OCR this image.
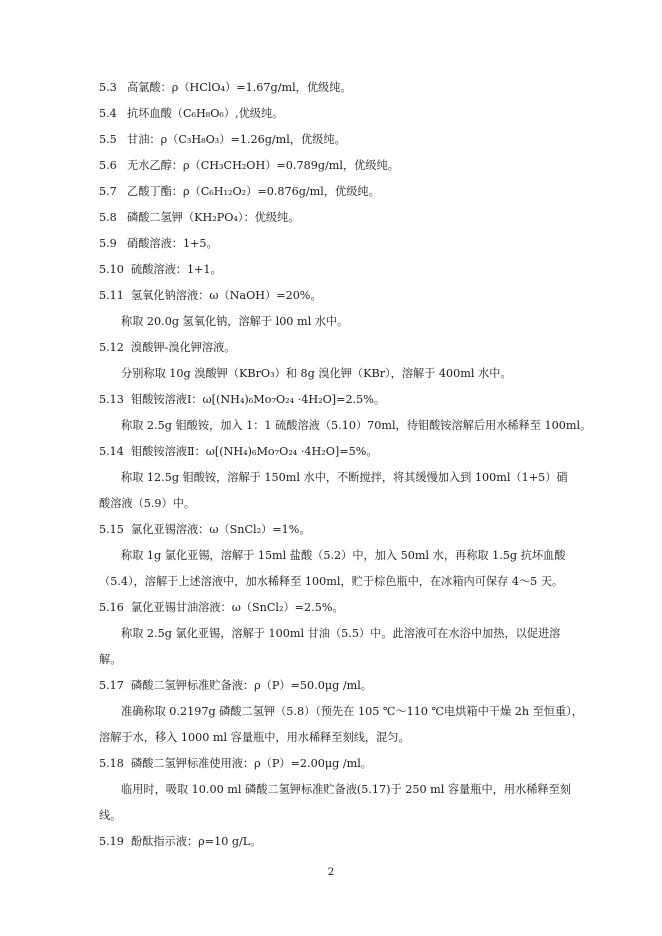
5.3 高氯酸：ρ（HClO₄）=1.67g/ml，优级纯。
5.4 抗坏血酸（C₆H₈O₆）,优级纯。
5.5 甘油：ρ（C₃H₈O₃）=1.26g/ml，优级纯。
5.6 无水乙醇：ρ（CH₃CH₂OH）=0.789g/ml，优级纯。
5.7 乙酸丁酯：ρ（C₆H₁₂O₂）=0.876g/ml，优级纯。
5.8 磷酸二氢钾（KH₂PO₄）：优级纯。
5.9 硝酸溶液：1+5。
5.10 硫酸溶液：1+1。
5.11 氢氧化钠溶液：ω（NaOH）=20%。
称取 20.0g 氢氧化钠，溶解于 l00 ml 水中。
5.12 溴酸钾-溴化钾溶液。
分别称取 10g 溴酸钾（KBrO₃）和 8g 溴化钾（KBr），溶解于 400ml 水中。
5.13 钼酸铵溶液Ⅰ：ω[(NH₄)₆Mo₇O₂₄ ·4H₂O]=2.5%。
称取 2.5g 钼酸铵，加入 1：1 硫酸溶液（5.10）70ml，待钼酸铵溶解后用水稀释至 100ml。
5.14 钼酸铵溶液Ⅱ：ω[(NH₄)₆Mo₇O₂₄ ·4H₂O]=5%。
称取 12.5g 钼酸铵，溶解于 150ml 水中，不断搅拌，将其缓慢加入到 100ml（1+5）硝
酸溶液（5.9）中。
5.15 氯化亚锡溶液：ω（SnCl₂）=1%。
称取 1g 氯化亚锡，溶解于 15ml 盐酸（5.2）中，加入 50ml 水，再称取 1.5g 抗坏血酸
（5.4），溶解于上述溶液中，加水稀释至 100ml，贮于棕色瓶中，在冰箱内可保存 4～5 天。
5.16 氯化亚锡甘油溶液：ω（SnCl₂）=2.5%。
称取 2.5g 氯化亚锡，溶解于 100ml 甘油（5.5）中。此溶液可在水浴中加热，以促进溶
解。
5.17 磷酸二氢钾标准贮备液：ρ（P）=50.0μg /ml。
准确称取 0.2197g 磷酸二氢钾（5.8）（预先在 105 ℃～110 ℃电烘箱中干燥 2h 至恒重），
溶解于水，移入 1000 ml 容量瓶中，用水稀释至刻线，混匀。
5.18 磷酸二氢钾标准使用液：ρ（P）=2.00μg /ml。
临用时，吸取 10.00 ml 磷酸二氢钾标准贮备液(5.17)于 250 ml 容量瓶中，用水稀释至刻
线。
5.19 酚酞指示液：ρ=10 g/L。
2
